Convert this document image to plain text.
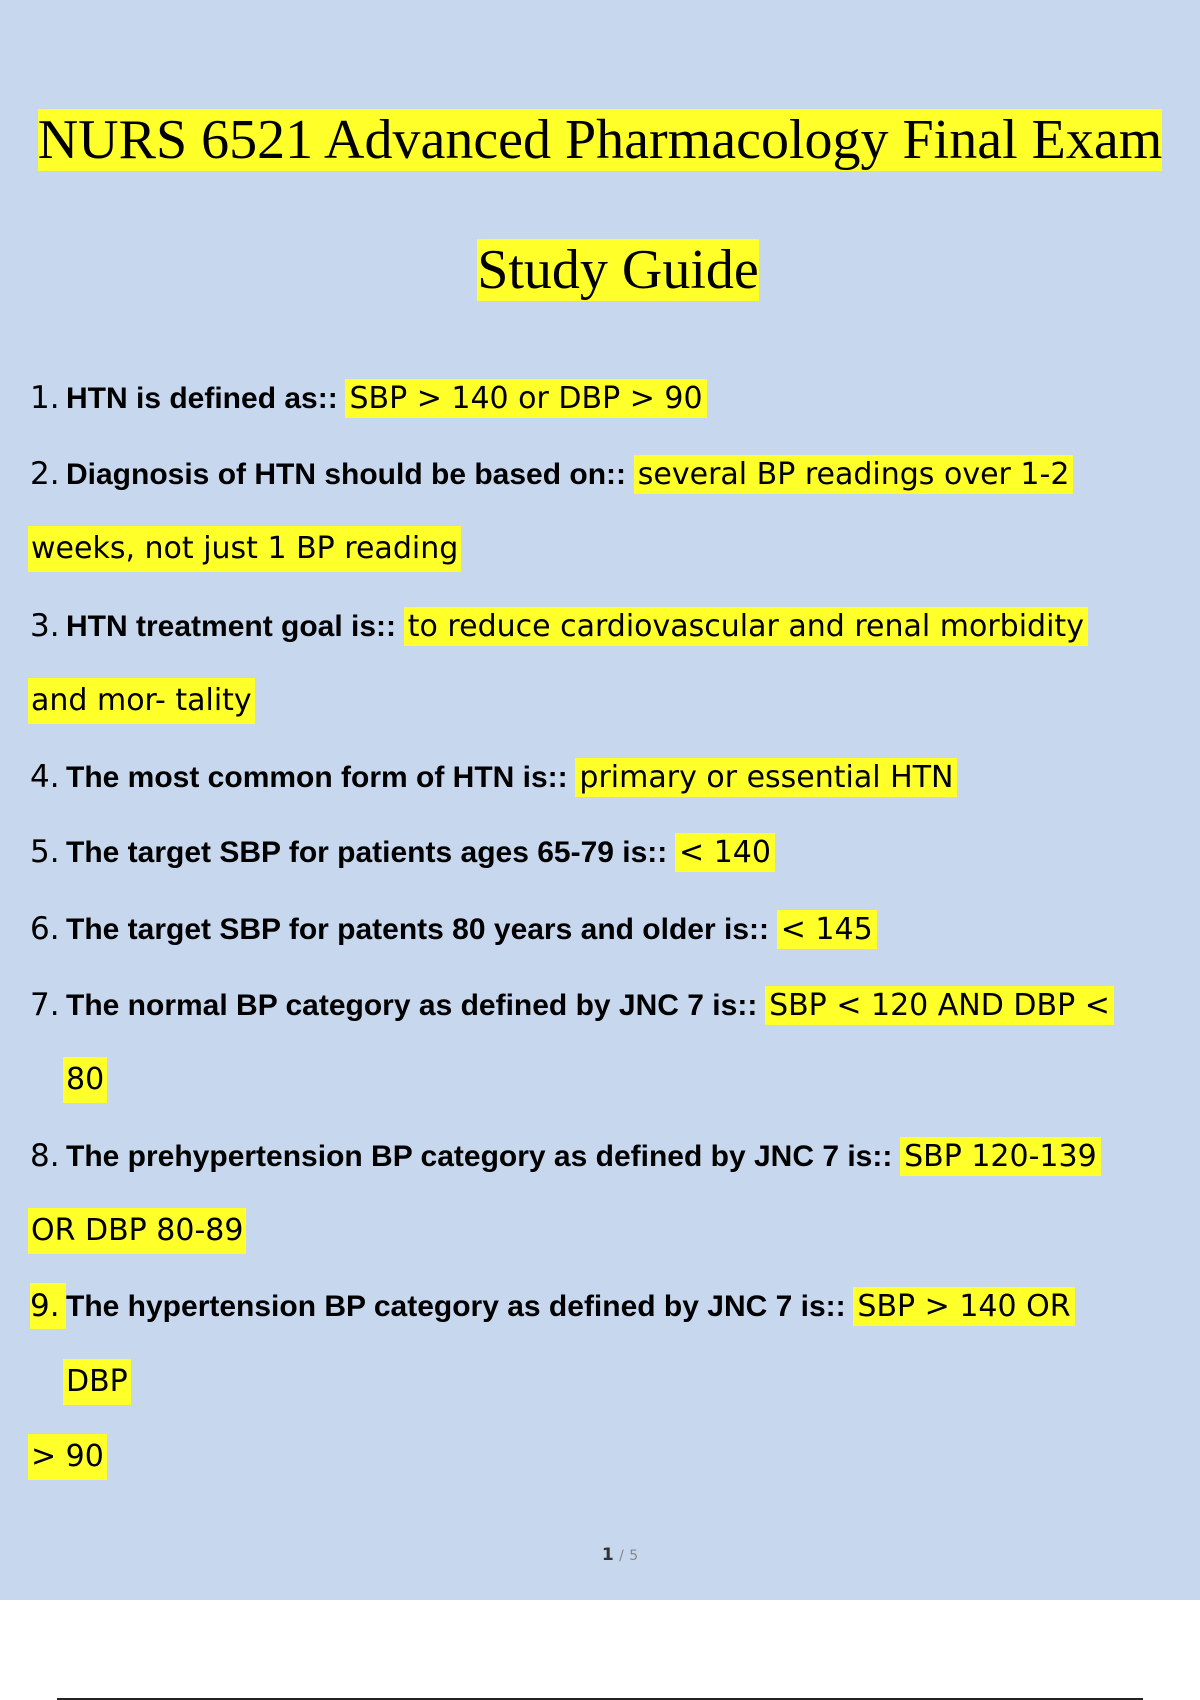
NURS 6521 Advanced Pharmacology Final Exam
Study Guide
1. HTN is defined as:: SBP > 140 or DBP > 90
2. Diagnosis of HTN should be based on:: several BP readings over 1-2
weeks, not just 1 BP reading
3. HTN treatment goal is:: to reduce cardiovascular and renal morbidity
and mor- tality
4. The most common form of HTN is:: primary or essential HTN
5. The target SBP for patients ages 65-79 is:: < 140
6. The target SBP for patents 80 years and older is:: < 145
7. The normal BP category as defined by JNC 7 is:: SBP < 120 AND DBP <
80
8. The prehypertension BP category as defined by JNC 7 is:: SBP 120-139
OR DBP 80-89
9. The hypertension BP category as defined by JNC 7 is:: SBP > 140 OR
DBP
> 90
1 / 5
